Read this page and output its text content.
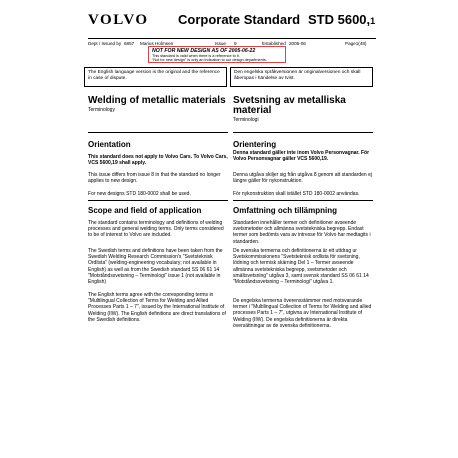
VOLVO Corporate Standard STD 5600,1
Dept / Issued by 6857 Marius Holmsen	Issue 9	Established 2005-06	Page1(48)
NOT FOR NEW DESIGN AS OF 2005-06-22
This standard is valid when there is a reference to it.
"Not for new design" is only an indication to our design departments.
The English language version is the original and the reference in case of dispute.
Den engelska språkversionen är originalversionen och skall åberopas i händelse av tvist.
Welding of metallic materials
Terminology
Orientation

This standard does not apply to Volvo Cars. To Volvo Cars, VCS 5600,19 shall apply.

This issue differs from issue 8 in that the standard no longer applies to new design.

For new designs STD 180-0002 shall be used.

Scope and field of application

The standard contains terminology and definitions of welding processes and general welding terms. Only terms considered to be of interest to Volvo are included.

The Swedish terms and definitions have been taken from the Swedish Welding Research Commission's "Svetsteknisk Ordlista" (welding-engineering vocabulary; not available in English) as well as from the Swedish standard SS 06 61 14 "Motståndssvetsning – Terminologi" issue 1 (not available in English)

The English terms agree with the corresponding terms in "Multilingual Collection of Terms for Welding and Allied Processes Parts 1 – 7", issued by the International Institute of Welding (IIW). The English definitions are direct translations of the Swedish definitions.

Svetsning av metalliska material
Terminologi
Orientering

Denna standard gäller inte inom Volvo Personvagnar. För Volvo Personvagnar gäller VCS 5600,19.

Denna utgåva skiljer sig från utgåva 8 genom att standarden ej längre gäller för nykonstruktion.

För nykonstruktion skall istället STD 180-0002 användas.

Omfattning och tillämpning

Standarden innehåller termer och definitioner avseende svetsmetoder och allmänna svetstekniska begrepp. Endast termer som bedömts vara av intresse för Volvo har medtagits i standarden.

De svenska termerna och definitionerna är ett uttdrag ur Svetskommissionens "Svetsteknisk ordlista för svetsning, lödning och termisk skärning Del 1 – Termer avseende allmänna svetstekniska begrepp, svetsmetoder och smältsvetsning" utgåva 3, samt svensk standard SS 06 61 14 "Motståndssvetsning – Terminologi" utgåva 1.

De engelska termerna överensstämmer med motsvarande termer i "Multilingual Collection of Terms for Welding and allied processes Parts 1 – 7", utgivna av International Institute of Welding (IIW). De engelska definitionerna är direkta översättningar av de svenska definitionerna.
